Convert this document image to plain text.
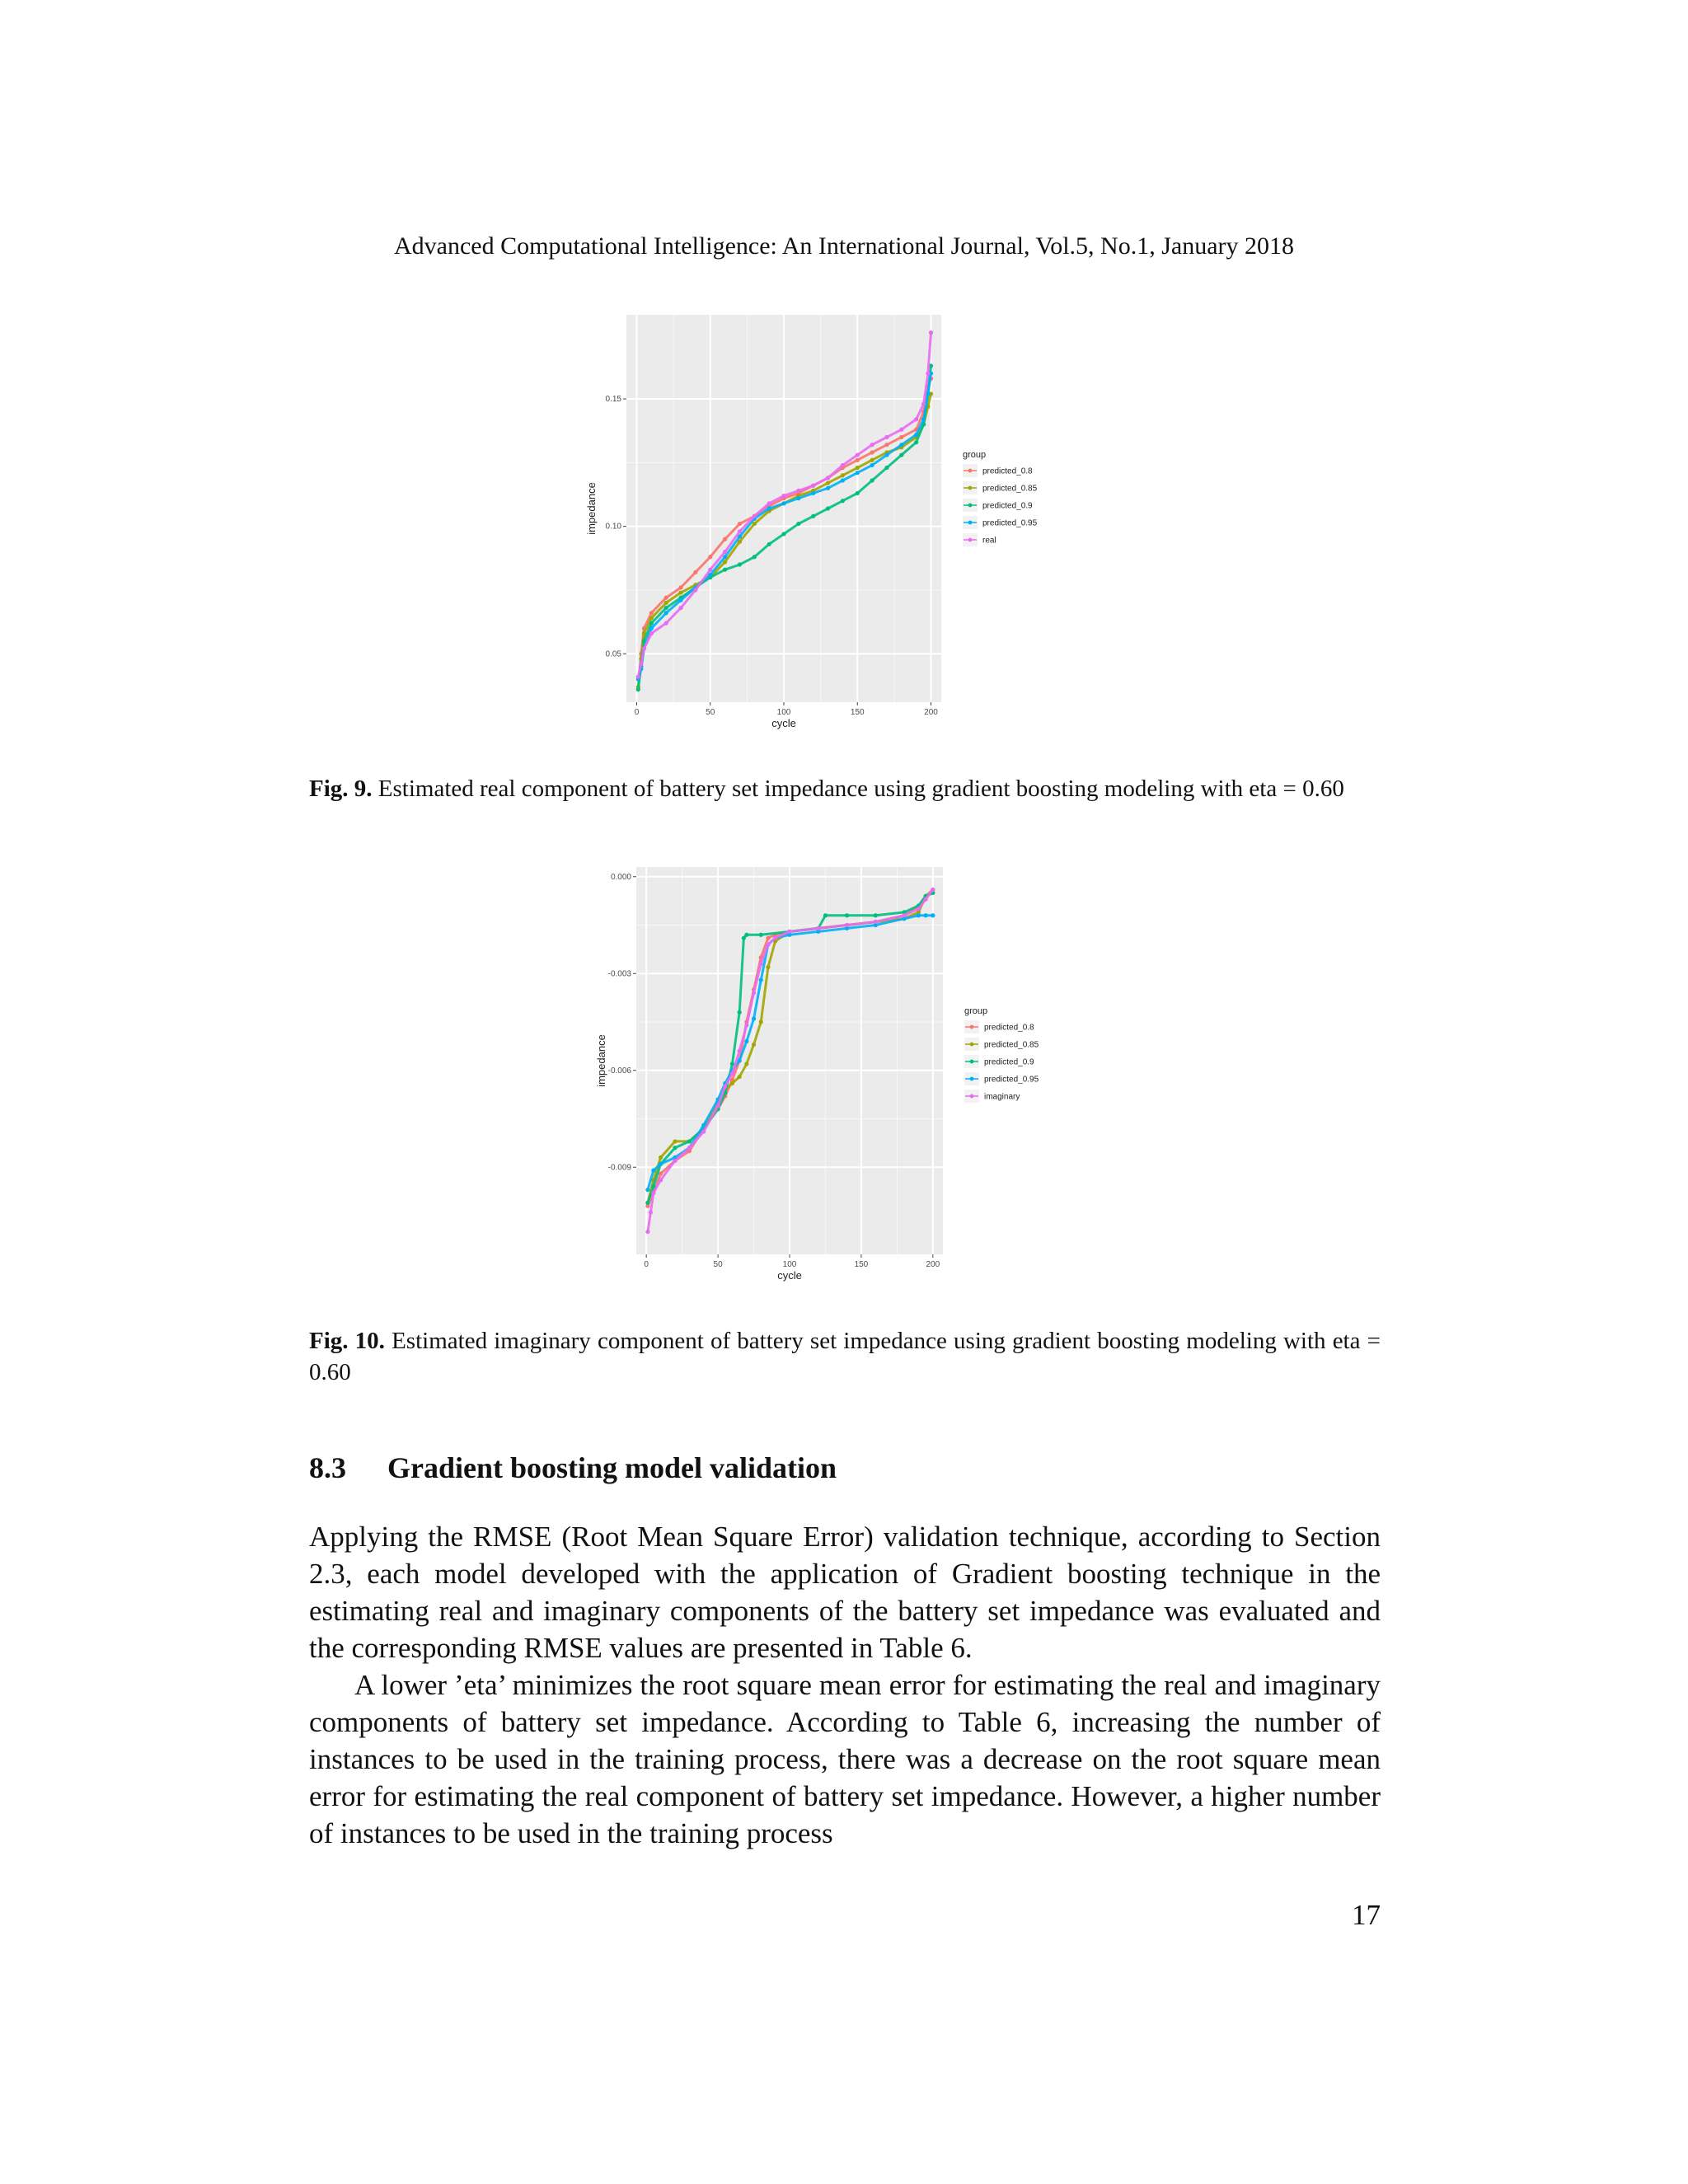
Advanced Computational Intelligence: An International Journal, Vol.5, No.1, January 2018
0	50	100	150	200
0.05
0.10
0.15
cycle
impedance
group
predicted_0.8
predicted_0.85
predicted_0.9
predicted_0.95
real
Fig. 9. Estimated real component of battery set impedance using gradient boosting modeling with eta = 0.60
0	50	100	150	200
0.000
-0.003
-0.006
-0.009
cycle
impedance
group
predicted_0.8
predicted_0.85
predicted_0.9
predicted_0.95
imaginary
Fig. 10. Estimated imaginary component of battery set impedance using gradient boosting modeling with eta = 0.60
8.3 Gradient boosting model validation
Applying the RMSE (Root Mean Square Error) validation technique, according to Section 2.3, each model developed with the application of Gradient boosting technique in the estimating real and imaginary components of the battery set impedance was evaluated and the corresponding RMSE values are presented in Table 6.
A lower ’eta’ minimizes the root square mean error for estimating the real and imaginary components of battery set impedance. According to Table 6, increasing the number of instances to be used in the training process, there was a decrease on the root square mean error for estimating the real component of battery set impedance. However, a higher number of instances to be used in the training process
17
